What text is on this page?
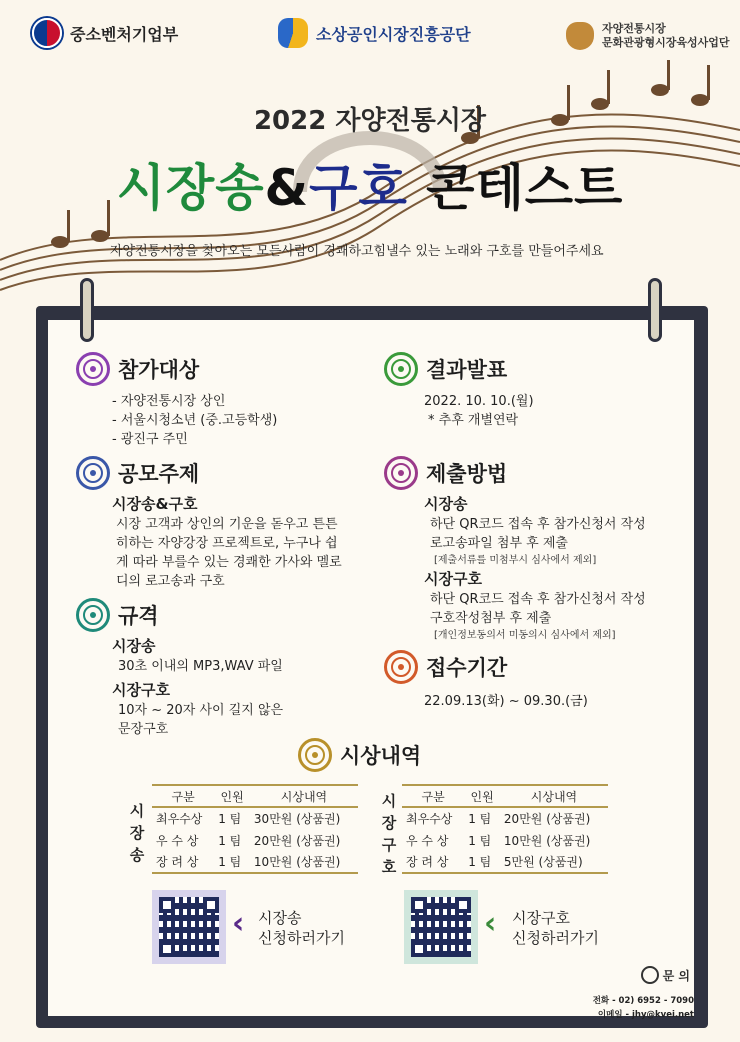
중소벤처기업부	소상공인시장진흥공단	자양전통시장
문화관광형시장육성사업단
2022 자양전통시장
시장송&구호 콘테스트
자양전통시장을 찾아오는 모든사람이 경쾌하고힘낼수 있는 노래와 구호를 만들어주세요
참가대상
- 자양전통시장 상인
- 서울시청소년 (중.고등학생)
- 광진구 주민
공모주제
시장송&구호
시장 고객과 상인의 기운을 돋우고 튼튼
히하는 자양강장 프로젝트로, 누구나 쉽
게 따라 부를수 있는 경쾌한 가사와 멜로
디의 로고송과 구호
규격
시장송
30초 이내의 MP3,WAV 파일
시장구호
10자 ~ 20자 사이 길지 않은
문장구호
결과발표
2022. 10. 10.(월)
* 추후 개별연락
제출방법
시장송
하단 QR코드 접속 후 참가신청서 작성
로고송파일 첨부 후 제출
[제출서류를 미첨부시 심사에서 제외]
시장구호
하단 QR코드 접속 후 참가신청서 작성
구호작성첨부 후 제출
[개인정보동의서 미동의시 심사에서 제외]
접수기간
22.09.13(화) ~ 09.30.(금)
시상내역
시
장
송
구분	인원	시상내역
최우수상	1 팀	30만원 (상품권)
우 수 상	1 팀	20만원 (상품권)
장 려 상	1 팀	10만원 (상품권)
시
장
구
호
구분	인원	시상내역
최우수상	1 팀	20만원 (상품권)
우 수 상	1 팀	10만원 (상품권)
장 려 상	1 팀	5만원 (상품권)
‹ 시장송
신청하러가기	‹ 시장구호
신청하러가기
문 의
전화 - 02) 6952 - 7090
이메일 - jhy@kvei.net
